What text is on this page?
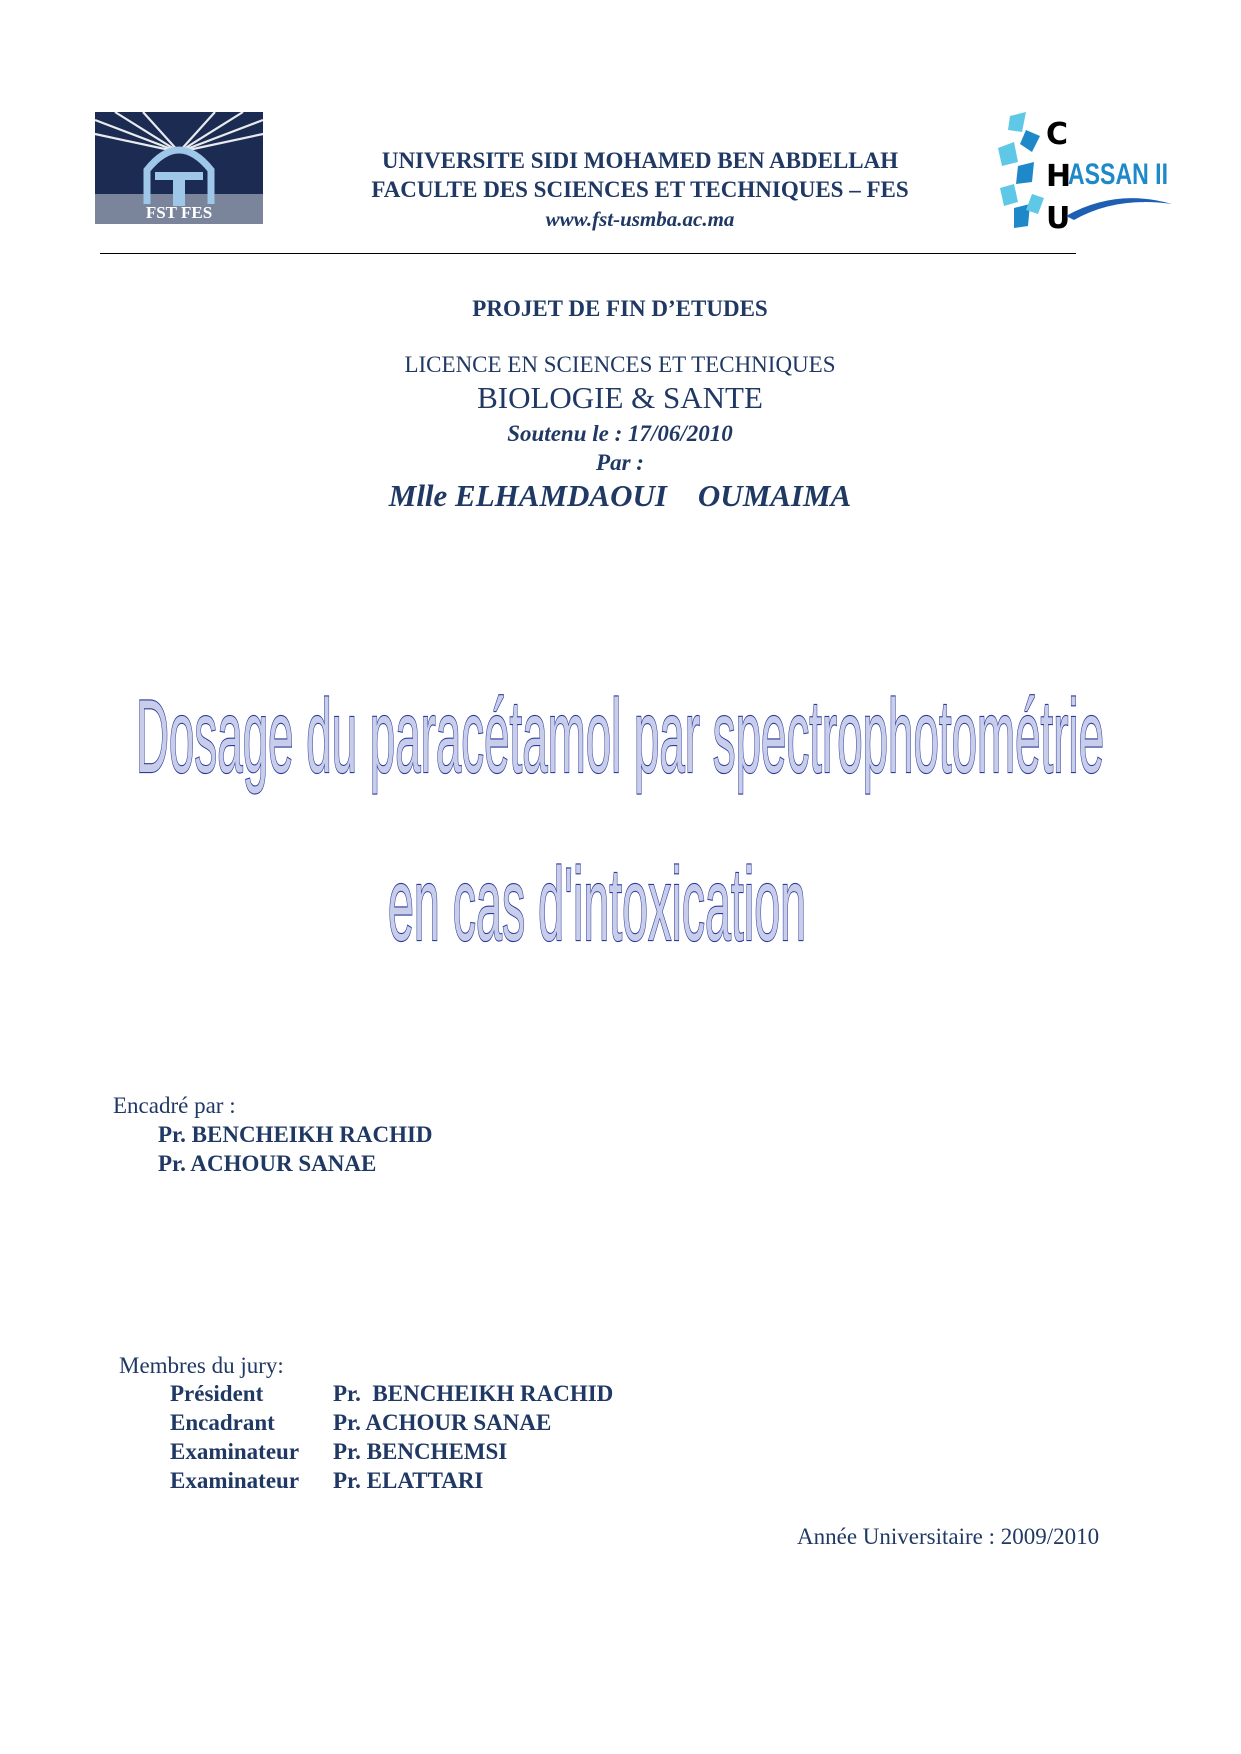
FST FES
C
H
U
ASSAN II
UNIVERSITE SIDI MOHAMED BEN ABDELLAH
FACULTE DES SCIENCES ET TECHNIQUES – FES
www.fst-usmba.ac.ma
PROJET DE FIN D’ETUDES
LICENCE EN SCIENCES ET TECHNIQUES
BIOLOGIE & SANTE
Soutenu le : 17/06/2010
Par :
Mlle ELHAMDAOUI    OUMAIMA
Dosage du paracétamol par spectrophotométrie
en cas d'intoxication
Encadré par :
Pr. BENCHEIKH RACHID
Pr. ACHOUR SANAE
Membres du jury:
Président	Pr.  BENCHEIKH RACHID
Encadrant	Pr. ACHOUR SANAE
Examinateur Pr. BENCHEMSI
Examinateur Pr. ELATTARI
Année Universitaire : 2009/2010
